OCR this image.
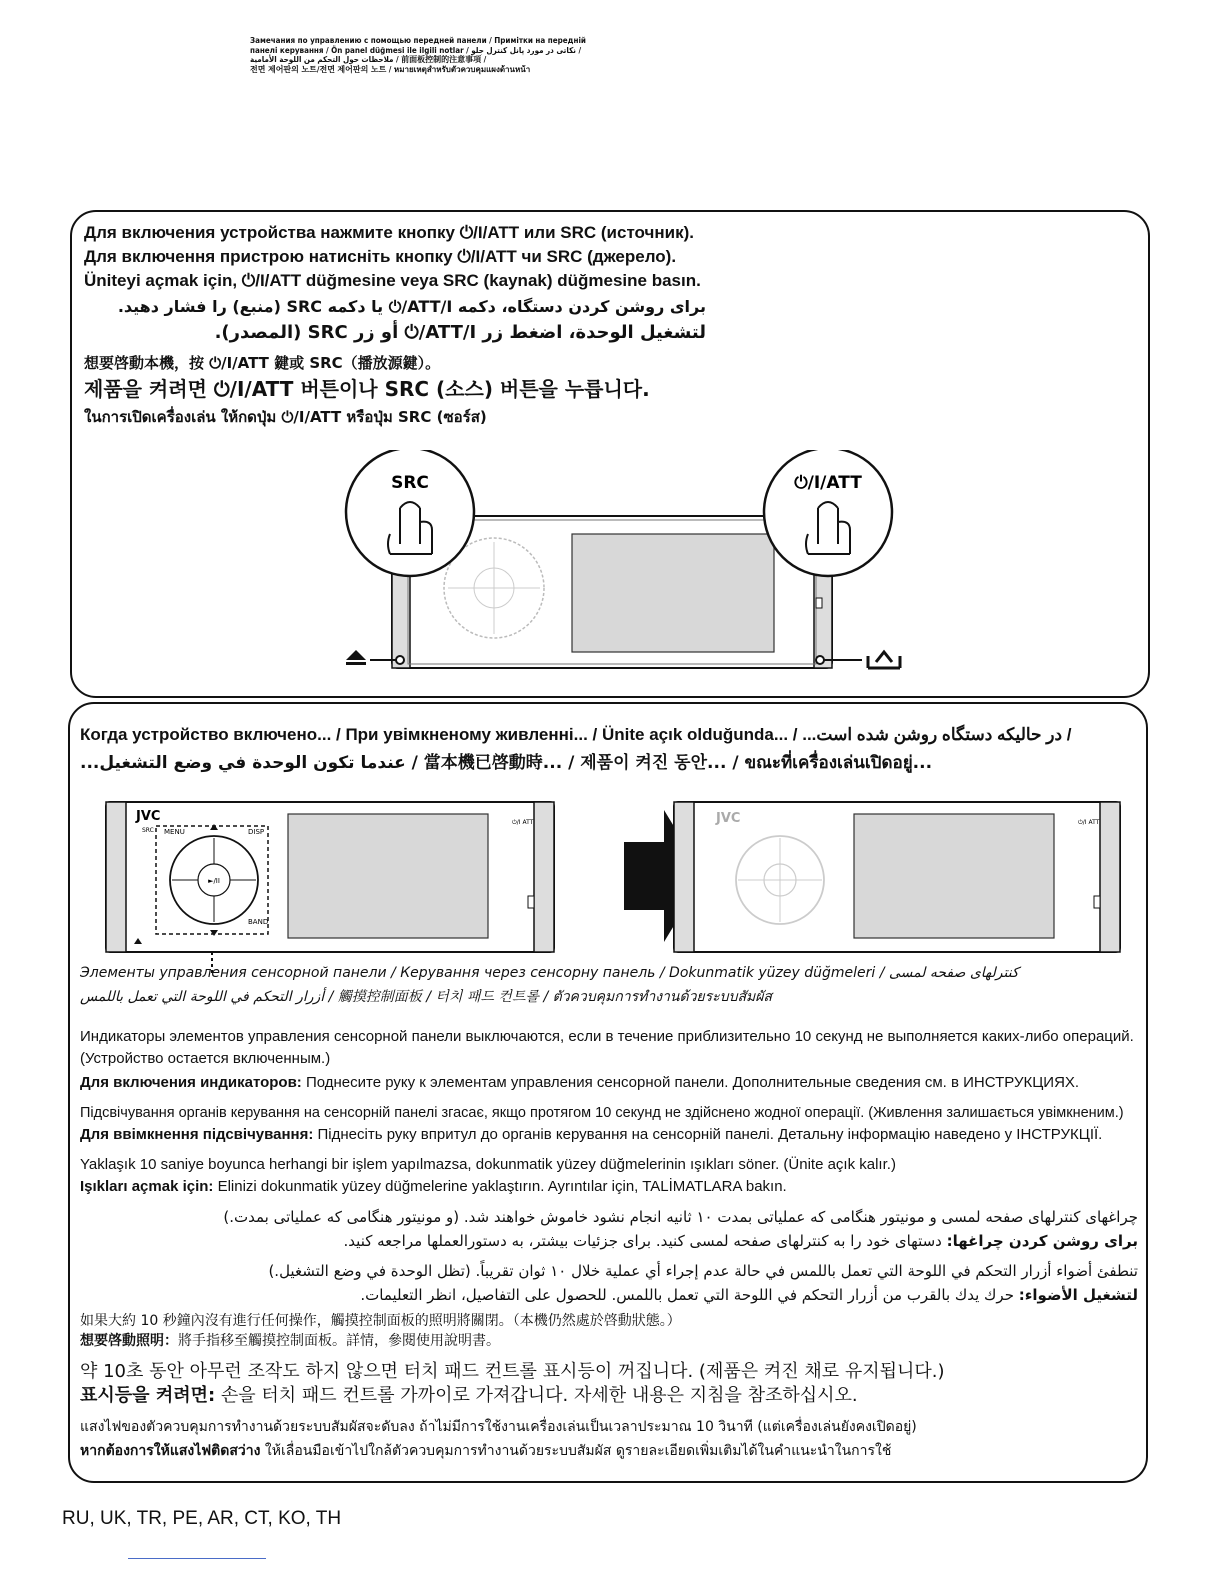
Замечания по управлению с помощью передней панели / Примітки на передній
панелі керування / Ön panel düğmesi ile ilgili notlar / نکاتی در مورد پانل کنترل جلو /
ملاحظات حول التحكم من اللوحة الأمامية / 前面板控制的注意事項 /
전면 제어판의 노트/전면 제어판의 노트 / หมายเหตุสำหรับตัวควบคุมแผงด้านหน้า
Для включения устройства нажмите кнопку ⏻/I/ATT или SRC (источник).
Для включення пристрою натисніть кнопку ⏻/I/ATT чи SRC (джерело).
Üniteyi açmak için, ⏻/I/ATT düğmesine veya SRC (kaynak) düğmesine basın.
برای روشن کردن دستگاه، دکمه ATT/I/⏻ یا دکمه SRC (منبع) را فشار دهید.
لتشغيل الوحدة، اضغط زر ATT/I/⏻ أو زر SRC (المصدر).
想要啓動本機，按 ⏻/I/ATT 鍵或 SRC（播放源鍵）。
제품을 켜려면 ⏻/I/ATT 버튼이나 SRC (소스) 버튼을 누릅니다.
ในการเปิดเครื่องเล่น ให้กดปุ่ม ⏻/I/ATT หรือปุ่ม SRC (ซอร์ส)
SRC	⏻/I/ATT
Когда устройство включено... / При увімкненому живленні... / Ünite açık olduğunda... / ...در حالیکه دستگاه روشن شده است /
...عندما تكون الوحدة في وضع التشغيل / 當本機已啓動時... / 제품이 켜진 동안... / ขณะที่เครื่องเล่นเปิดอยู่...
JVC
SRC MENU	DISP
BAND
►/II
⏻/I ATT	JVC	⏻/I ATT
Элементы управления сенсорной панели / Керування через сенсорну панель / Dokunmatik yüzey düğmeleri / کنترلهای صفحه لمسی
أزرار التحكم في اللوحة التي تعمل باللمس / 觸摸控制面板 / 터치 패드 컨트롤 / ตัวควบคุมการทำงานด้วยระบบสัมผัส
Индикаторы элементов управления сенсорной панели выключаются, если в течение приблизительно 10 секунд не выполняется каких-либо операций.
(Устройство остается включенным.)
Для включения индикаторов: Поднесите руку к элементам управления сенсорной панели. Дополнительные сведения см. в ИНСТРУКЦИЯХ.
Підсвічування органів керування на сенсорній панелі згасає, якщо протягом 10 секунд не здійснено жодної операції. (Живлення залишається увімкненим.)
Для ввімкнення підсвічування: Піднесіть руку впритул до органів керування на сенсорній панелі. Детальну інформацію наведено у ІНСТРУКЦІЇ.
Yaklaşık 10 saniye boyunca herhangi bir işlem yapılmazsa, dokunmatik yüzey düğmelerinin ışıkları söner. (Ünite açık kalır.)
Işıkları açmak için: Elinizi dokunmatik yüzey düğmelerine yaklaştırın. Ayrıntılar için, TALİMATLARA bakın.
چراغهای کنترلهای صفحه لمسی و مونیتور هنگامی که عملیاتی بمدت ۱۰ ثانیه انجام نشود خاموش خواهند شد. (و مونیتور هنگامی که عملیاتی بمدت.)
برای روشن کردن چراغها: دستهای خود را به کنترلهای صفحه لمسی کنید. برای جزئیات بیشتر، به دستورالعملها مراجعه کنید.
تنطفئ أضواء أزرار التحكم في اللوحة التي تعمل باللمس في حالة عدم إجراء أي عملية خلال ١٠ ثوان تقريباً. (تظل الوحدة في وضع التشغيل.)
لتشغيل الأضواء: حرك يدك بالقرب من أزرار التحكم في اللوحة التي تعمل باللمس. للحصول على التفاصيل، انظر التعليمات.
如果大約 10 秒鐘內沒有進行任何操作，觸摸控制面板的照明將關閉。（本機仍然處於啓動狀態。）
想要啓動照明：將手指移至觸摸控制面板。詳情，參閱使用說明書。
약 10초 동안 아무런 조작도 하지 않으면 터치 패드 컨트롤 표시등이 꺼집니다. (제품은 켜진 채로 유지됩니다.)
표시등을 켜려면: 손을 터치 패드 컨트롤 가까이로 가져갑니다. 자세한 내용은 지침을 참조하십시오.
แสงไฟของตัวควบคุมการทำงานด้วยระบบสัมผัสจะดับลง ถ้าไม่มีการใช้งานเครื่องเล่นเป็นเวลาประมาณ 10 วินาที (แต่เครื่องเล่นยังคงเปิดอยู่)
หากต้องการให้แสงไฟติดสว่าง ให้เลื่อนมือเข้าไปใกล้ตัวควบคุมการทำงานด้วยระบบสัมผัส ดูรายละเอียดเพิ่มเติมได้ในคำแนะนำในการใช้
RU, UK, TR, PE, AR, CT, KO, TH
